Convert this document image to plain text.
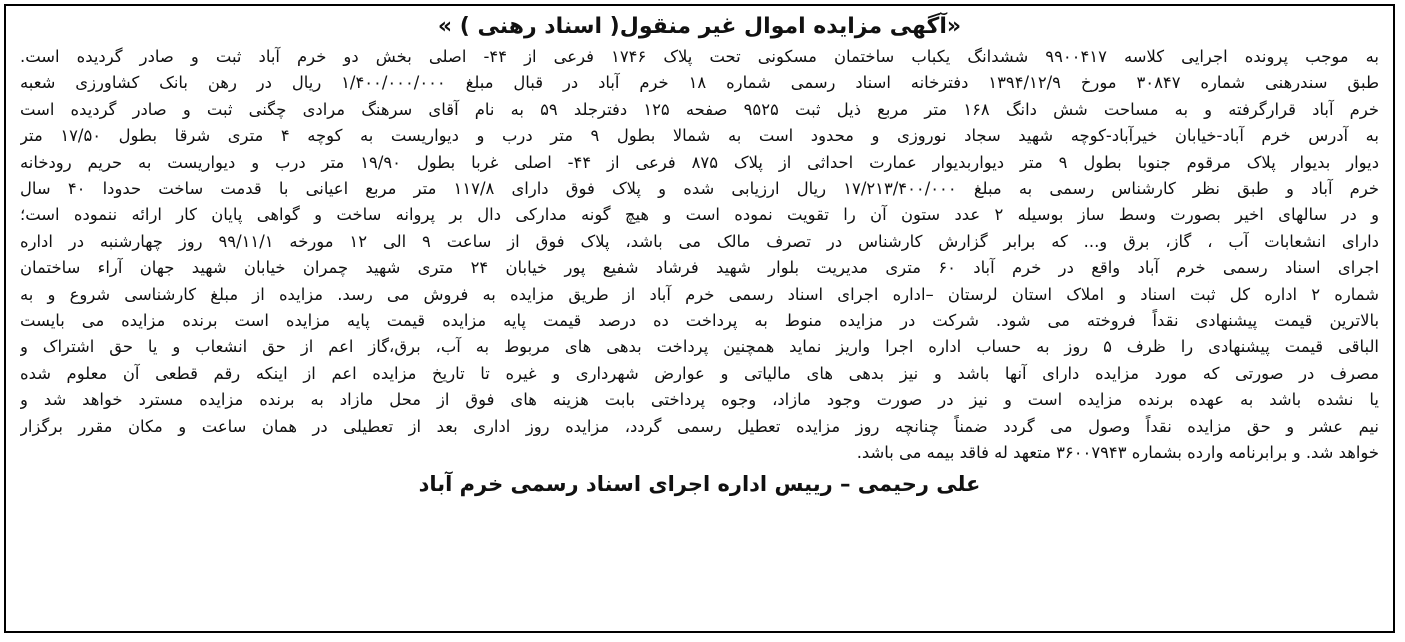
«آگهی مزایده اموال غیر منقول( اسناد رهنی ) »
به موجب پرونده اجرایی کلاسه ۹۹۰۰۴۱۷ ششدانگ یکباب ساختمان مسکونی تحت پلاک ۱۷۴۶ فرعی از ۴۴- اصلی بخش دو خرم آباد ثبت و صادر گردیده است.
طبق سندرهنی شماره ۳۰۸۴۷ مورخ ۱۳۹۴/۱۲/۹ دفترخانه اسناد رسمی شماره ۱۸ خرم آباد در قبال مبلغ ۱/۴۰۰/۰۰۰/۰۰۰ ریال در رهن بانک کشاورزی شعبه
خرم آباد قرارگرفته و به مساحت شش دانگ ۱۶۸ متر مربع ذیل ثبت ۹۵۲۵ صفحه ۱۲۵ دفترجلد ۵۹ به نام آقای سرهنگ مرادی چگنی ثبت و صادر گردیده است
به آدرس خرم آباد-خیابان خیرآباد-کوچه شهید سجاد نوروزی و محدود است به شمالا بطول ۹ متر درب و دیواریست به کوچه ۴ متری شرقا بطول ۱۷/۵۰ متر
دیوار بدیوار پلاک مرقوم جنوبا بطول ۹ متر دیواربدیوار عمارت احداثی از پلاک ۸۷۵ فرعی از ۴۴- اصلی غربا بطول ۱۹/۹۰ متر درب و دیواریست به حریم رودخانه
خرم آباد و طبق نظر کارشناس رسمی به مبلغ ۱۷/۲۱۳/۴۰۰/۰۰۰ ریال ارزیابی شده و پلاک فوق دارای ۱۱۷/۸ متر مربع اعیانی با قدمت ساخت حدودا ۴۰ سال
و در سالهای اخیر بصورت وسط ساز بوسیله ۲ عدد ستون آن را تقویت نموده است و هیچ گونه مدارکی دال بر پروانه ساخت و گواهی پایان کار ارائه ننموده است؛
دارای انشعابات آب ، گاز، برق و... که برابر گزارش کارشناس در تصرف مالک می باشد، پلاک فوق از ساعت ۹ الی ۱۲ مورخه ۹۹/۱۱/۱ روز چهارشنبه در اداره
اجرای اسناد رسمی خرم آباد واقع در خرم آباد ۶۰ متری مدیریت بلوار شهید فرشاد شفیع پور خیابان ۲۴ متری شهید چمران خیابان شهید جهان آراء ساختمان
شماره ۲ اداره کل ثبت اسناد و املاک استان لرستان –اداره اجرای اسناد رسمی خرم آباد از طریق مزایده به فروش می رسد. مزایده از مبلغ کارشناسی شروع و به
بالاترین قیمت پیشنهادی نقداً فروخته می شود. شرکت در مزایده منوط به پرداخت ده درصد قیمت پایه مزایده قیمت پایه مزایده است برنده مزایده می بایست
الباقی قیمت پیشنهادی را ظرف ۵ روز به حساب اداره اجرا واریز نماید همچنین پرداخت بدهی های مربوط به آب، برق،گاز اعم از حق انشعاب و یا حق اشتراک و
مصرف در صورتی که مورد مزایده دارای آنها باشد و نیز بدهی های مالیاتی و عوارض شهرداری و غیره تا تاریخ مزایده اعم از اینکه رقم قطعی آن معلوم شده
یا نشده باشد به عهده برنده مزایده است و نیز در صورت وجود مازاد، وجوه پرداختی بابت هزینه های فوق از محل مازاد به برنده مزایده مسترد خواهد شد و
نیم عشر و حق مزایده نقداً وصول می گردد ضمناً چنانچه روز مزایده تعطیل رسمی گردد، مزایده روز اداری بعد از تعطیلی در همان ساعت و مکان مقرر برگزار
خواهد شد. و برابرنامه وارده بشماره ۳۶۰۰۷۹۴۳ متعهد له فاقد بیمه می باشد.
علی رحیمی – رییس اداره اجرای اسناد رسمی خرم آباد
